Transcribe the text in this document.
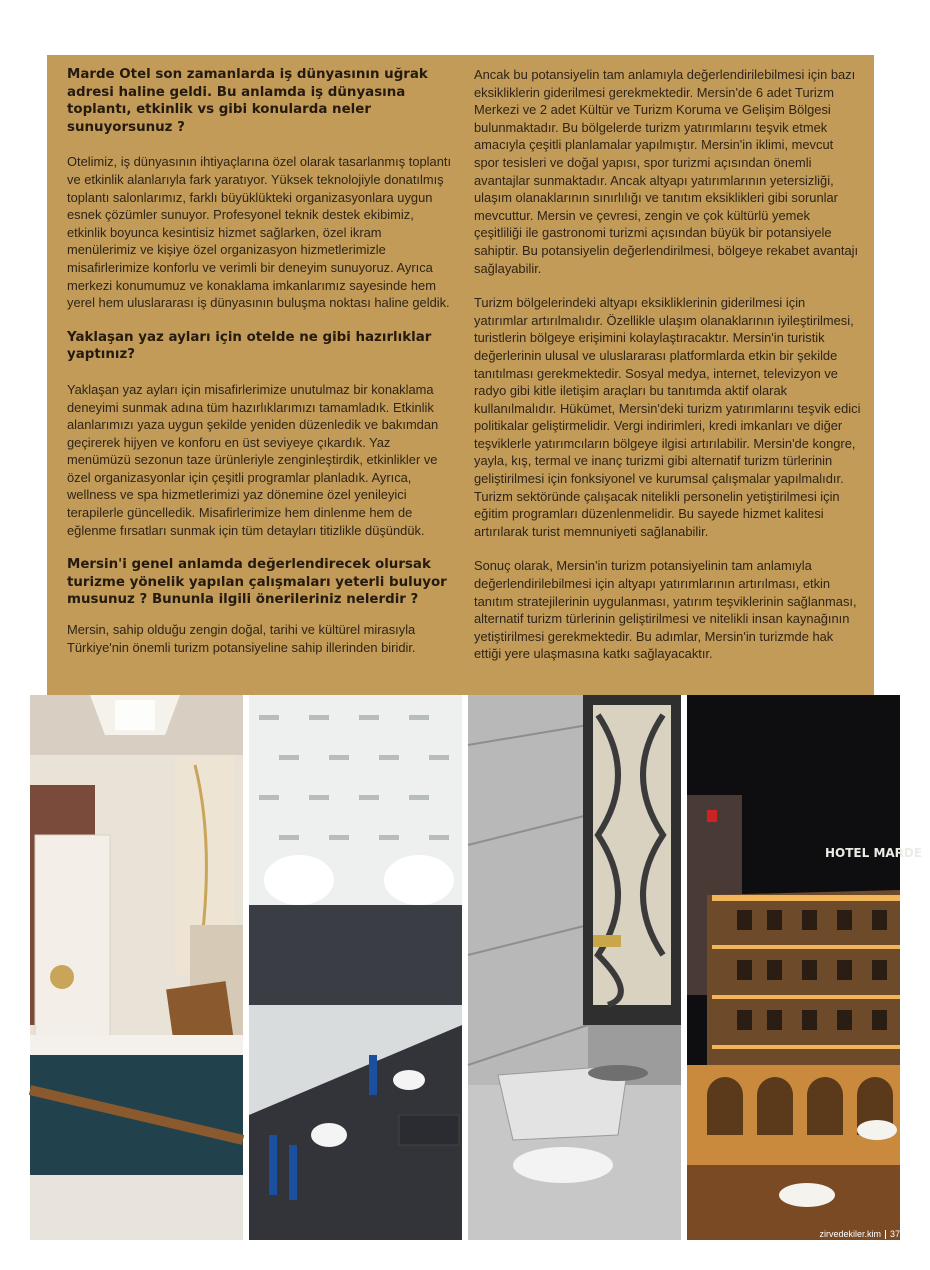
Marde Otel son zamanlarda iş dünyasının uğrak adresi haline geldi. Bu anlamda iş dünyasına toplantı, etkinlik vs gibi konularda neler sunuyorsunuz ?
Otelimiz, iş dünyasının ihtiyaçlarına özel olarak tasarlanmış toplantı ve etkinlik alanlarıyla fark yaratıyor. Yüksek teknolojiyle donatılmış toplantı salonlarımız, farklı büyüklükteki organizasyonlara uygun esnek çözümler sunuyor. Profesyonel teknik destek ekibimiz, etkinlik boyunca kesintisiz hizmet sağlarken, özel ikram menülerimiz ve kişiye özel organizasyon hizmetlerimizle misafirlerimize konforlu ve verimli bir deneyim sunuyoruz. Ayrıca merkezi konumumuz ve konaklama imkanlarımız sayesinde hem yerel hem uluslararası iş dünyasının buluşma noktası haline geldik.
Yaklaşan yaz ayları için otelde ne gibi hazırlıklar yaptınız?
Yaklaşan yaz ayları için misafirlerimize unutulmaz bir konaklama deneyimi sunmak adına tüm hazırlıklarımızı tamamladık. Etkinlik alanlarımızı yaza uygun şekilde yeniden düzenledik ve bakımdan geçirerek hijyen ve konforu en üst seviyeye çıkardık. Yaz menümüzü sezonun taze ürünleriyle zenginleştirdik, etkinlikler ve özel organizasyonlar için çeşitli programlar planladık. Ayrıca, wellness ve spa hizmetlerimizi yaz dönemine özel yenileyici terapilerle güncelledik. Misafirlerimize hem dinlenme hem de eğlenme fırsatları sunmak için tüm detayları titizlikle düşündük.
Mersin'i genel anlamda değerlendirecek olursak turizme yönelik yapılan çalışmaları yeterli buluyor musunuz ? Bununla ilgili önerileriniz nelerdir ?
Mersin, sahip olduğu zengin doğal, tarihi ve kültürel mirasıyla Türkiye'nin önemli turizm potansiyeline sahip illerinden biridir.
Ancak bu potansiyelin tam anlamıyla değerlendirilebilmesi için bazı eksikliklerin giderilmesi gerekmektedir. Mersin'de 6 adet Turizm Merkezi ve 2 adet Kültür ve Turizm Koruma ve Gelişim Bölgesi bulunmaktadır. Bu bölgelerde turizm yatırımlarını teşvik etmek amacıyla çeşitli planlamalar yapılmıştır. Mersin'in iklimi, mevcut spor tesisleri ve doğal yapısı, spor turizmi açısından önemli avantajlar sunmaktadır. Ancak altyapı yatırımlarının yetersizliği, ulaşım olanaklarının sınırlılığı ve tanıtım eksiklikleri gibi sorunlar mevcuttur. Mersin ve çevresi, zengin ve çok kültürlü yemek çeşitliliği ile gastronomi turizmi açısından büyük bir potansiyele sahiptir. Bu potansiyelin değerlendirilmesi, bölgeye rekabet avantajı sağlayabilir.
Turizm bölgelerindeki altyapı eksikliklerinin giderilmesi için yatırımlar artırılmalıdır. Özellikle ulaşım olanaklarının iyileştirilmesi, turistlerin bölgeye erişimini kolaylaştıracaktır. Mersin'in turistik değerlerinin ulusal ve uluslararası platformlarda etkin bir şekilde tanıtılması gerekmektedir. Sosyal medya, internet, televizyon ve radyo gibi kitle iletişim araçları bu tanıtımda aktif olarak kullanılmalıdır. Hükümet, Mersin'deki turizm yatırımlarını teşvik edici politikalar geliştirmelidir. Vergi indirimleri, kredi imkanları ve diğer teşviklerle yatırımcıların bölgeye ilgisi artırılabilir. Mersin'de kongre, yayla, kış, termal ve inanç turizmi gibi alternatif turizm türlerinin geliştirilmesi için fonksiyonel ve kurumsal çalışmalar yapılmalıdır. Turizm sektöründe çalışacak nitelikli personelin yetiştirilmesi için eğitim programları düzenlenmelidir. Bu sayede hizmet kalitesi artırılarak turist memnuniyeti sağlanabilir.
Sonuç olarak, Mersin'in turizm potansiyelinin tam anlamıyla değerlendirilebilmesi için altyapı yatırımlarının artırılması, etkin tanıtım stratejilerinin uygulanması, yatırım teşviklerinin sağlanması, alternatif turizm türlerinin geliştirilmesi ve nitelikli insan kaynağının yetiştirilmesi gerekmektedir. Bu adımlar, Mersin'in turizmde hak ettiği yere ulaşmasına katkı sağlayacaktır.
HOTEL MARDE
zirvedekiler.kim 37
